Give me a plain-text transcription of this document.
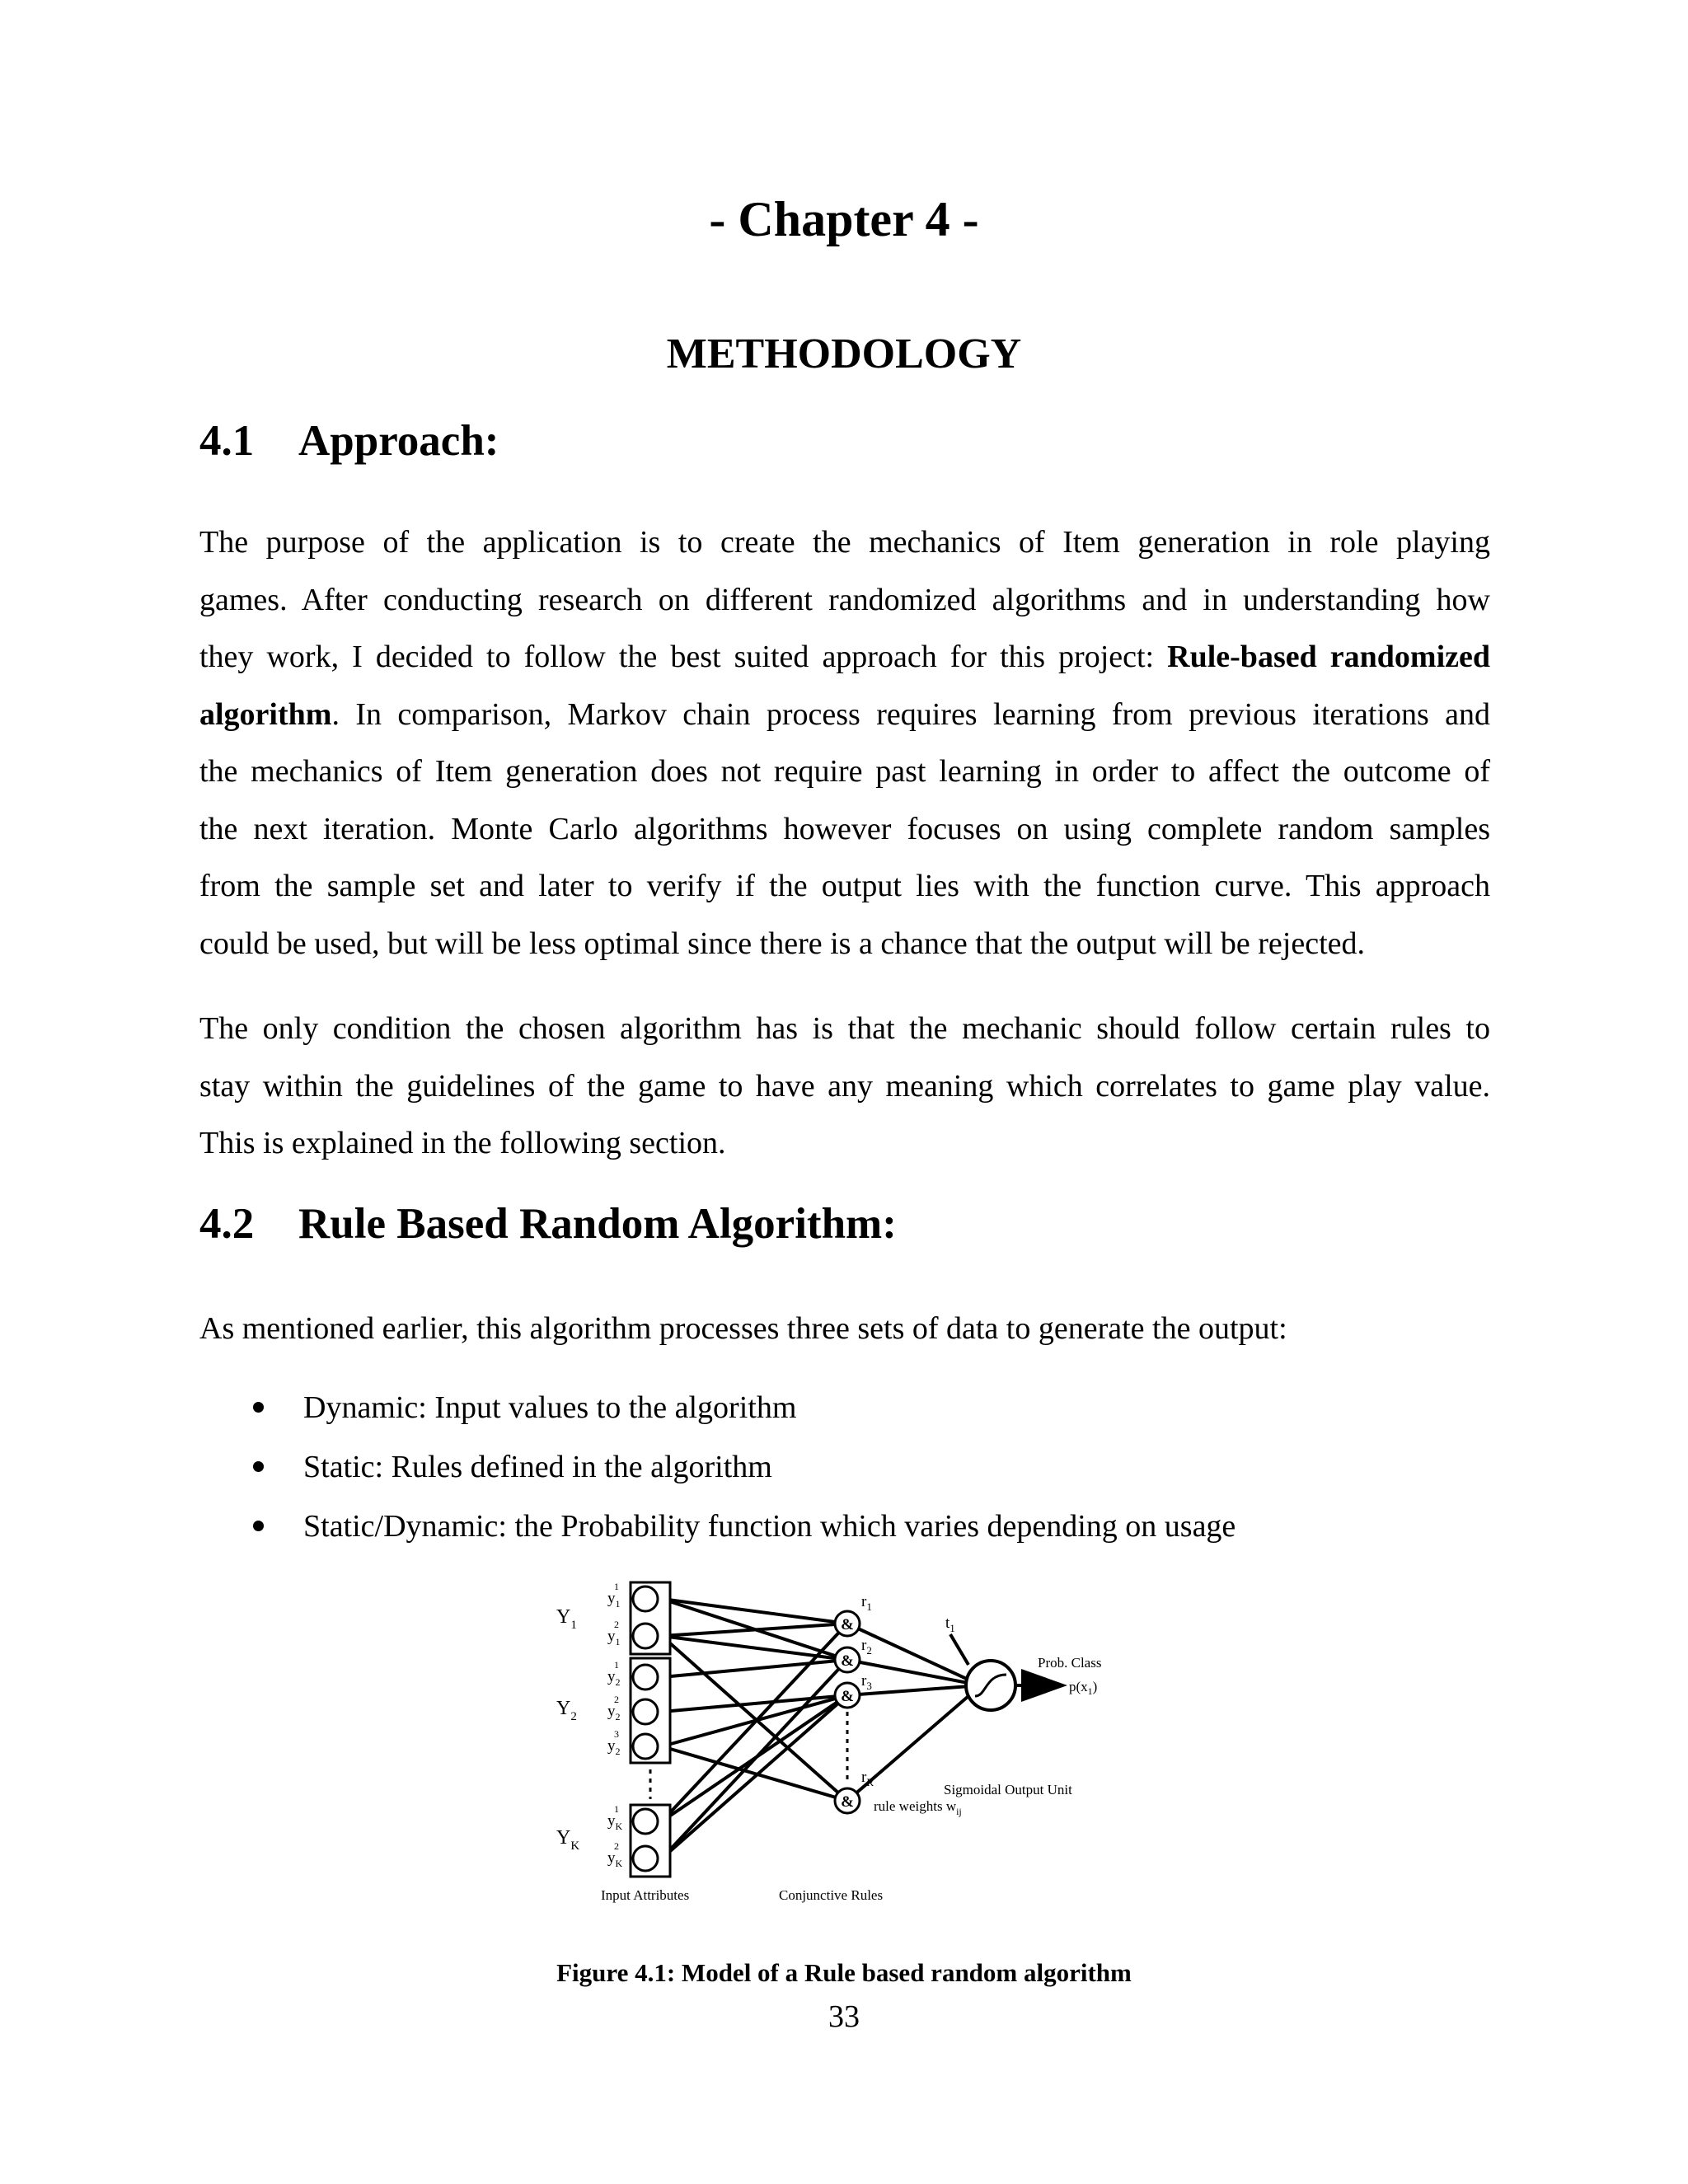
- Chapter 4 -
METHODOLOGY
4.1 Approach:
The purpose of the application is to create the mechanics of Item generation in role playing
games. After conducting research on different randomized algorithms and in understanding how
they work, I decided to follow the best suited approach for this project: Rule-based randomized
algorithm. In comparison, Markov chain process requires learning from previous iterations and
the mechanics of Item generation does not require past learning in order to affect the outcome of
the next iteration. Monte Carlo algorithms however focuses on using complete random samples
from the sample set and later to verify if the output lies with the function curve. This approach
could be used, but will be less optimal since there is a chance that the output will be rejected.
The only condition the chosen algorithm has is that the mechanic should follow certain rules to
stay within the guidelines of the game to have any meaning which correlates to game play value.
This is explained in the following section.
4.2 Rule Based Random Algorithm:
As mentioned earlier, this algorithm processes three sets of data to generate the output:
Dynamic: Input values to the algorithm
Static: Rules defined in the algorithm
Static/Dynamic: the Probability function which varies depending on usage
&
&
&
&
$Y_1$
$Y_2$
$Y_K$
$y_1$
1
$y_1$
2
$y_2$
1
$y_2$
2
$y_2$
3
$y_K$
1
$y_K$
2
$r_1$
$r_2$
$r_3$
$r_R$
$t_1$
Prob. Class
$p(x_1)$
Sigmoidal Output Unit
rule weights $w_{ij}$
Input Attributes	Conjunctive Rules
Figure 4.1: Model of a Rule based random algorithm
33
